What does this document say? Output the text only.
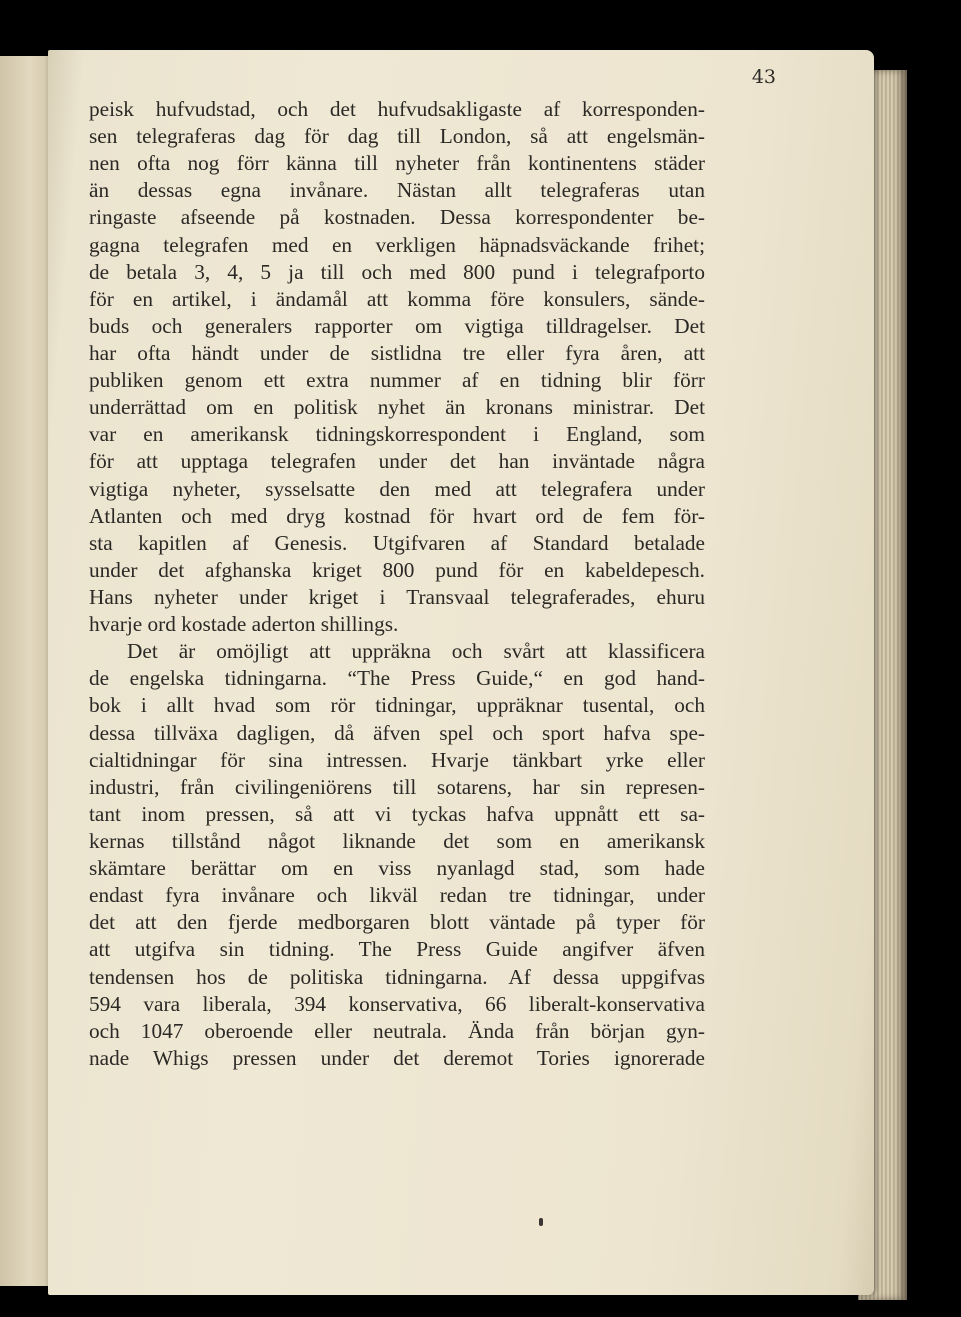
43
peisk hufvudstad, och det hufvudsakligaste af korresponden-
sen telegraferas dag för dag till London, så att engelsmän-
nen ofta nog förr känna till nyheter från kontinentens städer
än dessas egna invånare. Nästan allt telegraferas utan
ringaste afseende på kostnaden. Dessa korrespondenter be-
gagna telegrafen med en verkligen häpnadsväckande frihet;
de betala 3, 4, 5 ja till och med 800 pund i telegrafporto
för en artikel, i ändamål att komma före konsulers, sände-
buds och generalers rapporter om vigtiga tilldragelser. Det
har ofta händt under de sistlidna tre eller fyra åren, att
publiken genom ett extra nummer af en tidning blir förr
underrättad om en politisk nyhet än kronans ministrar. Det
var en amerikansk tidningskorrespondent i England, som
för att upptaga telegrafen under det han inväntade några
vigtiga nyheter, sysselsatte den med att telegrafera under
Atlanten och med dryg kostnad för hvart ord de fem för-
sta kapitlen af Genesis. Utgifvaren af Standard betalade
under det afghanska kriget 800 pund för en kabeldepesch.
Hans nyheter under kriget i Transvaal telegraferades, ehuru
hvarje ord kostade aderton shillings.
Det är omöjligt att uppräkna och svårt att klassificera
de engelska tidningarna. “The Press Guide,“ en god hand-
bok i allt hvad som rör tidningar, uppräknar tusental, och
dessa tillväxa dagligen, då äfven spel och sport hafva spe-
cialtidningar för sina intressen. Hvarje tänkbart yrke eller
industri, från civilingeniörens till sotarens, har sin represen-
tant inom pressen, så att vi tyckas hafva uppnått ett sa-
kernas tillstånd något liknande det som en amerikansk
skämtare berättar om en viss nyanlagd stad, som hade
endast fyra invånare och likväl redan tre tidningar, under
det att den fjerde medborgaren blott väntade på typer för
att utgifva sin tidning. The Press Guide angifver äfven
tendensen hos de politiska tidningarna. Af dessa uppgifvas
594 vara liberala, 394 konservativa, 66 liberalt-konservativa
och 1047 oberoende eller neutrala. Ända från början gyn-
nade Whigs pressen under det deremot Tories ignorerade
